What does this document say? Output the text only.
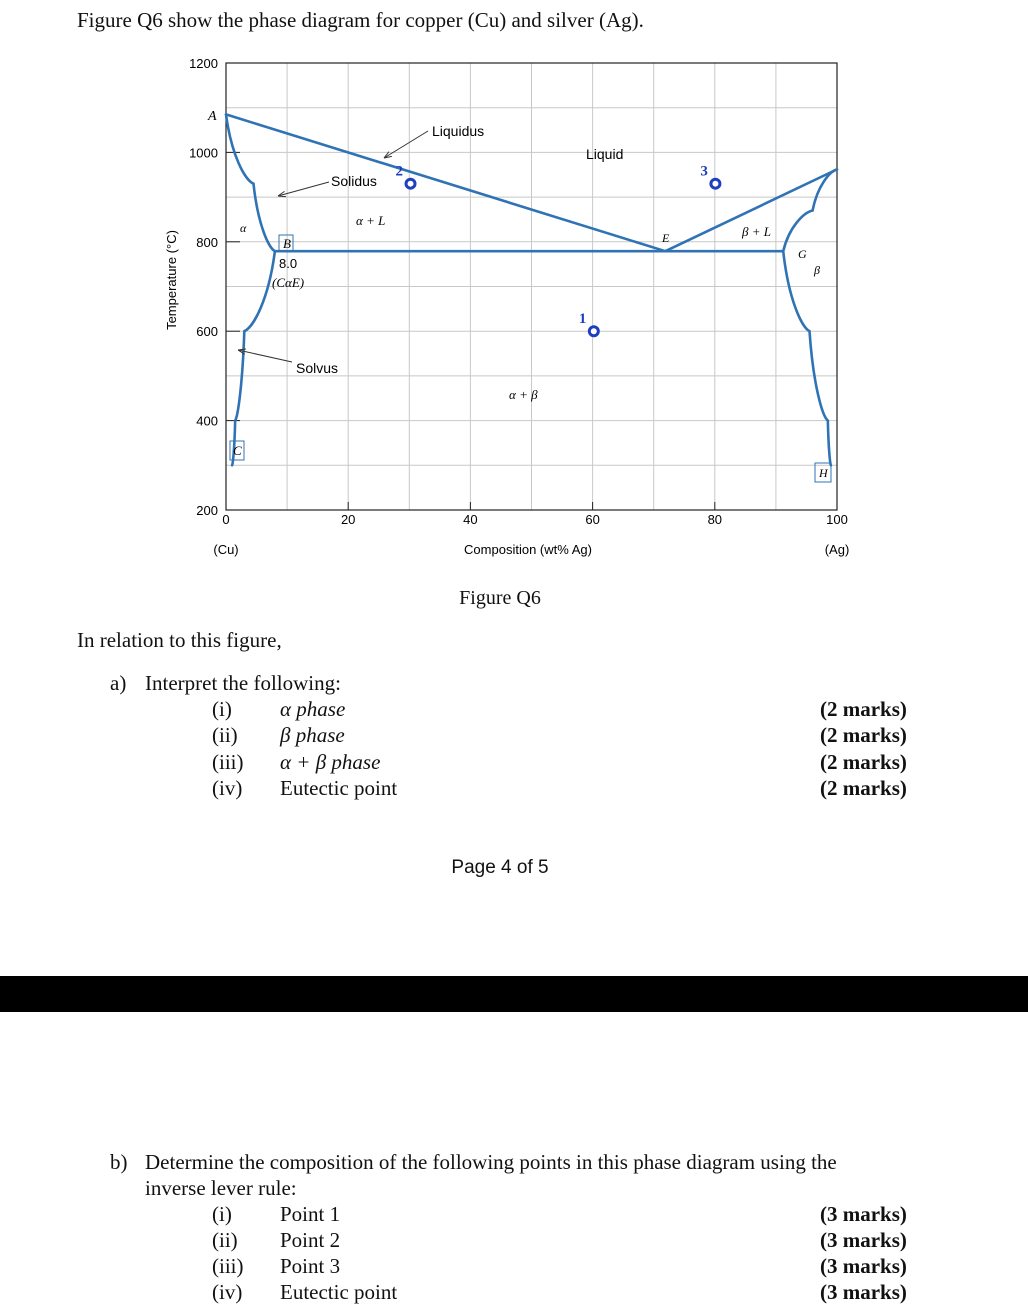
Figure Q6 show the phase diagram for copper (Cu) and silver (Ag).
200
400
600
800
1000
1200
0	20	40	60	80	100
1
2	3
Temperature (°C)
Composition (wt% Ag)
(Cu)	(Ag)
A
α
B
8.0
(CαE)
C
Solidus
Liquidus
Liquid
α + L
E	β + L
G
β
Solvus
α + β
H
Figure Q6
In relation to this figure,
a) Interpret the following:
(i) α phase	(2 marks)
(ii) β phase	(2 marks)
(iii) α + β phase	(2 marks)
(iv) Eutectic point	(2 marks)
Page 4 of 5
b) Determine the composition of the following points in this phase diagram using the
inverse lever rule:
(i) Point 1	(3 marks)
(ii) Point 2	(3 marks)
(iii) Point 3	(3 marks)
(iv) Eutectic point	(3 marks)
